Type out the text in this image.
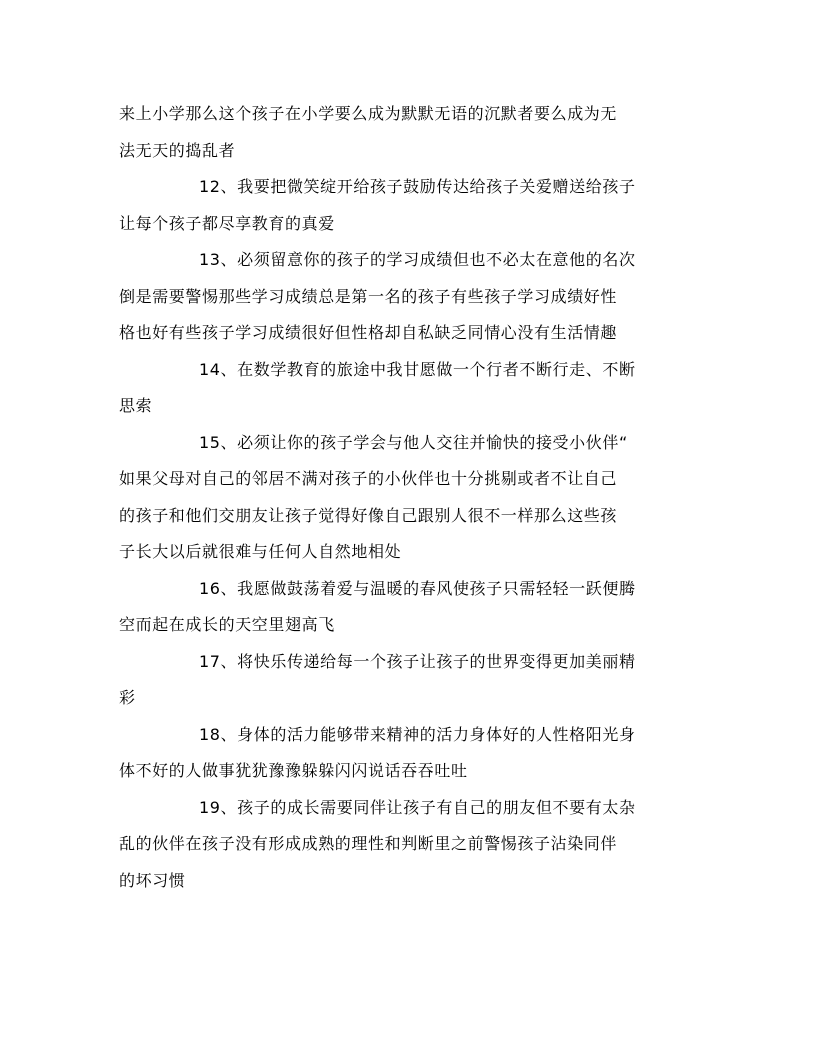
来上小学那么这个孩子在小学要么成为默默无语的沉默者要么成为无
法无天的捣乱者
12、我要把微笑绽开给孩子鼓励传达给孩子关爱赠送给孩子
让每个孩子都尽享教育的真爱
13、必须留意你的孩子的学习成绩但也不必太在意他的名次
倒是需要警惕那些学习成绩总是第一名的孩子有些孩子学习成绩好性
格也好有些孩子学习成绩很好但性格却自私缺乏同情心没有生活情趣
14、在数学教育的旅途中我甘愿做一个行者不断行走、不断
思索
15、必须让你的孩子学会与他人交往并愉快的接受小伙伴“
如果父母对自己的邻居不满对孩子的小伙伴也十分挑剔或者不让自己
的孩子和他们交朋友让孩子觉得好像自己跟别人很不一样那么这些孩
子长大以后就很难与任何人自然地相处
16、我愿做鼓荡着爱与温暖的春风使孩子只需轻轻一跃便腾
空而起在成长的天空里翅高飞
17、将快乐传递给每一个孩子让孩子的世界变得更加美丽精
彩
18、身体的活力能够带来精神的活力身体好的人性格阳光身
体不好的人做事犹犹豫豫躲躲闪闪说话吞吞吐吐
19、孩子的成长需要同伴让孩子有自己的朋友但不要有太杂
乱的伙伴在孩子没有形成成熟的理性和判断里之前警惕孩子沾染同伴
的坏习惯
